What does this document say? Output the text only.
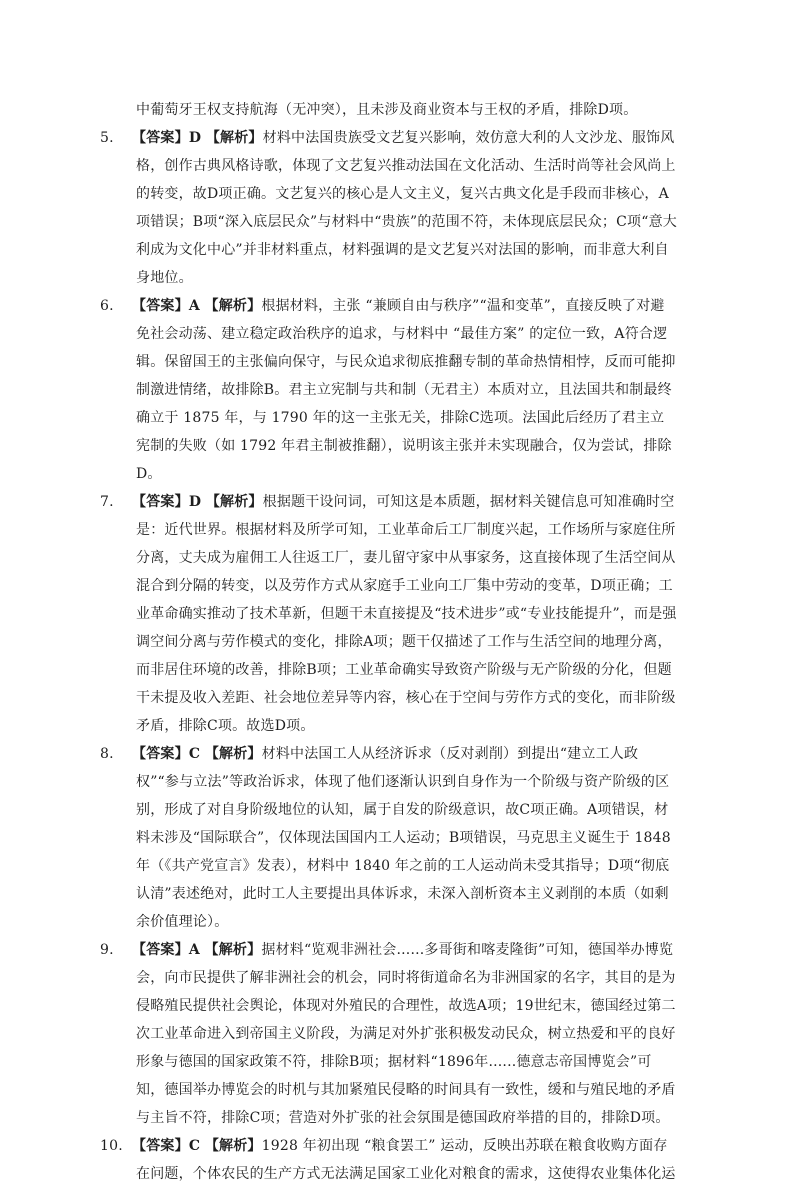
中葡萄牙王权支持航海（无冲突），且未涉及商业资本与王权的矛盾，排除D项。

5. 【答案】D 【解析】材料中法国贵族受文艺复兴影响，效仿意大利的人文沙龙、服饰风格，创作古典风格诗歌，体现了文艺复兴推动法国在文化活动、生活时尚等社会风尚上的转变，故D项正确。文艺复兴的核心是人文主义，复兴古典文化是手段而非核心，A项错误；B项“深入底层民众”与材料中“贵族”的范围不符，未体现底层民众；C项“意大利成为文化中心”并非材料重点，材料强调的是文艺复兴对法国的影响，而非意大利自身地位。
6. 【答案】A 【解析】根据材料，主张 “兼顾自由与秩序”“温和变革”，直接反映了对避免社会动荡、建立稳定政治秩序的追求，与材料中 “最佳方案” 的定位一致，A符合逻辑。保留国王的主张偏向保守，与民众追求彻底推翻专制的革命热情相悖，反而可能抑制激进情绪，故排除B。君主立宪制与共和制（无君主）本质对立，且法国共和制最终确立于 1875 年，与 1790 年的这一主张无关，排除C选项。法国此后经历了君主立宪制的失败（如 1792 年君主制被推翻），说明该主张并未实现融合，仅为尝试，排除D。
7. 【答案】D 【解析】根据题干设问词，可知这是本质题，据材料关键信息可知准确时空是：近代世界。根据材料及所学可知，工业革命后工厂制度兴起，工作场所与家庭住所分离，丈夫成为雇佣工人往返工厂，妻儿留守家中从事家务，这直接体现了生活空间从混合到分隔的转变，以及劳作方式从家庭手工业向工厂集中劳动的变革，D项正确；工业革命确实推动了技术革新，但题干未直接提及“技术进步”或“专业技能提升”，而是强调空间分离与劳作模式的变化，排除A项；题干仅描述了工作与生活空间的地理分离，而非居住环境的改善，排除B项；工业革命确实导致资产阶级与无产阶级的分化，但题干未提及收入差距、社会地位差异等内容，核心在于空间与劳作方式的变化，而非阶级矛盾，排除C项。故选D项。
8. 【答案】C 【解析】材料中法国工人从经济诉求（反对剥削）到提出“建立工人政权”“参与立法”等政治诉求，体现了他们逐渐认识到自身作为一个阶级与资产阶级的区别，形成了对自身阶级地位的认知，属于自发的阶级意识，故C项正确。A项错误，材料未涉及“国际联合”，仅体现法国国内工人运动；B项错误，马克思主义诞生于 1848 年（《共产党宣言》发表），材料中 1840 年之前的工人运动尚未受其指导；D项“彻底认清”表述绝对，此时工人主要提出具体诉求，未深入剖析资本主义剥削的本质（如剩余价值理论）。
9. 【答案】A 【解析】据材料“览观非洲社会......多哥街和喀麦隆街”可知，德国举办博览会，向市民提供了解非洲社会的机会，同时将街道命名为非洲国家的名字，其目的是为侵略殖民提供社会舆论，体现对外殖民的合理性，故选A项；19世纪末，德国经过第二次工业革命进入到帝国主义阶段，为满足对外扩张积极发动民众，树立热爱和平的良好形象与德国的国家政策不符，排除B项；据材料“1896年......德意志帝国博览会”可知，德国举办博览会的时机与其加紧殖民侵略的时间具有一致性，缓和与殖民地的矛盾与主旨不符，排除C项；营造对外扩张的社会氛围是德国政府举措的目的，排除D项。
10. 【答案】C 【解析】1928 年初出现 “粮食罢工” 运动，反映出苏联在粮食收购方面存在问题，个体农民的生产方式无法满足国家工业化对粮食的需求，这使得农业集体化运
